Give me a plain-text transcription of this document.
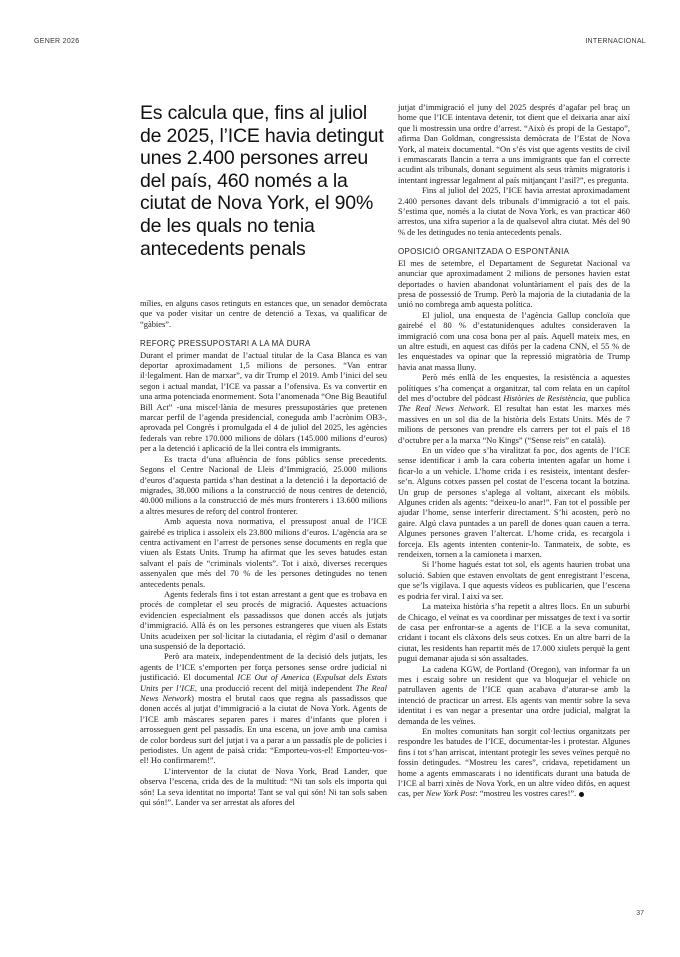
GENER 2026	INTERNACIONAL
Es calcula que, fins al juliol de 2025, l’ICE havia detingut unes 2.400 persones arreu del país, 460 només a la ciutat de Nova York, el 90% de les quals no tenia antecedents penals

mílies, en alguns casos retinguts en estances que, un senador demòcrata que va poder visitar un centre de detenció a Texas, va qualificar de “gàbies”.

REFORÇ PRESSUPOSTARI A LA MÀ DURA

Durant el primer mandat de l’actual titular de la Casa Blanca es van deportar aproximadament 1,5 milions de persones. “Van entrar il·legalment. Han de marxar”, va dir Trump el 2019. Amb l’inici del seu segon i actual mandat, l’ICE va passar a l’ofensiva. Es va convertir en una arma potenciada enormement. Sota l’anomenada “One Big Beautiful Bill Act” -una miscel·lània de mesures pressupostàries que pretenen marcar perfil de l’agenda presidencial, coneguda amb l’acrònim OB3-, aprovada pel Congrés i promulgada el 4 de juliol del 2025, les agències federals van rebre 170.000 milions de dòlars (145.000 milions d’euros) per a la detenció i aplicació de la llei contra els immigrants.

Es tracta d’una afluència de fons públics sense precedents. Segons el Centre Nacional de Lleis d’Immigració, 25.000 milions d’euros d’aquesta partida s’han destinat a la detenció i la deportació de migrades, 38.000 milions a la construcció de nous centres de detenció, 40.000 milions a la construcció de més murs fronterers i 13.600 milions a altres mesures de reforç del control fronterer.

Amb aquesta nova normativa, el pressupost anual de l’ICE gairebé es triplica i assoleix els 23.800 milions d’euros. L’agència ara se centra activament en l’arrest de persones sense documents en regla que viuen als Estats Units. Trump ha afirmat que les seves batudes estan salvant el país de “criminals violents”. Tot i això, diverses recerques assenyalen que més del 70 % de les persones detingudes no tenen antecedents penals.

Agents federals fins i tot estan arrestant a gent que es trobava en procés de completar el seu procés de migració. Aquestes actuacions evidencien especialment els passadissos que donen accés als jutjats d’immigració. Allà és on les persones estrangeres que viuen als Estats Units acudeixen per sol·licitar la ciutadania, el règim d’asil o demanar una suspensió de la deportació.

Però ara mateix, independentment de la decisió dels jutjats, les agents de l’ICE s’emporten per força persones sense ordre judicial ni justificació. El documental ICE Out of America (Expulsat dels Estats Units per l’ICE, una producció recent del mitjà independent The Real News Network) mostra el brutal caos que regna als passadissos que donen accés al jutjat d’immigració a la ciutat de Nova York. Agents de l’ICE amb màscares separen pares i mares d’infants que ploren i arrosseguen gent pel passadís. En una escena, un jove amb una camisa de color bordeus surt del jutjat i va a parar a un passadís ple de policies i periodistes. Un agent de paisà crida: “Emporteu-vos-el! Emporteu-vos-el! Ho confirmarem!”.

L’interventor de la ciutat de Nova York, Brad Lander, que observa l’escena, crida des de la multitud: “Ni tan sols els importa qui són! La seva identitat no importa! Tant se val qui són! Ni tan sols saben qui són!”. Lander va ser arrestat als afores del

jutjat d’immigració el juny del 2025 després d’agafar pel braç un home que l’ICE intentava detenir, tot dient que el deixaria anar així que li mostressin una ordre d’arrest. “Això és propi de la Gestapo”, afirma Dan Goldman, congressista demòcrata de l’Estat de Nova York, al mateix documental. “On s’és vist que agents vestits de civil i emmascarats llancin a terra a uns immigrants que fan el correcte acudint als tribunals, donant seguiment als seus tràmits migratoris i intentant ingressar legalment al país mitjançant l’asil?”, es pregunta.

Fins al juliol del 2025, l’ICE havia arrestat aproximadament 2.400 persones davant dels tribunals d’immigració a tot el país. S’estima que, només a la ciutat de Nova York, es van practicar 460 arrestos, una xifra superior a la de qualsevol altra ciutat. Més del 90 % de les detingudes no tenia antecedents penals.

OPOSICIÓ ORGANITZADA O ESPONTÀNIA

El mes de setembre, el Departament de Seguretat Nacional va anunciar que aproximadament 2 milions de persones havien estat deportades o havien abandonat voluntàriament el país des de la presa de possessió de Trump. Però la majoria de la ciutadania de la unió no combrega amb aquesta política.

El juliol, una enquesta de l’agència Gallup concloïa que gairebé el 80 % d’estatunidenques adultes consideraven la immigració com una cosa bona per al país. Aquell mateix mes, en un altre estudi, en aquest cas difós per la cadena CNN, el 55 % de les enquestades va opinar que la repressió migratòria de Trump havia anat massa lluny.

Però més enllà de les enquestes, la resistència a aquestes polítiques s’ha començat a organitzar, tal com relata en un capítol del mes d’octubre del pòdcast Històries de Resistència, que publica The Real News Network. El resultat han estat les marxes més massives en un sol dia de la història dels Estats Units. Més de 7 milions de persones van prendre els carrers per tot el país el 18 d’octubre per a la marxa “No Kings” (“Sense reis” en català).

En un vídeo que s’ha viralitzat fa poc, dos agents de l’ICE sense identificar i amb la cara coberta intenten agafar un home i ficar-lo a un vehicle. L’home crida i es resisteix, intentant desfer-se’n. Alguns cotxes passen pel costat de l’escena tocant la botzina. Un grup de persones s’aplega al voltant, aixecant els mòbils. Algunes criden als agents: “deixeu-lo anar!”. Fan tot el possible per ajudar l’home, sense interferir directament. S’hi acosten, però no gaire. Algú clava puntades a un parell de dones quan cauen a terra. Algunes persones graven l’altercat. L’home crida, es recargola i forceja. Els agents intenten contenir-lo. Tanmateix, de sobte, es rendeixen, tornen a la camioneta i marxen.

Si l’home hagués estat tot sol, els agents haurien trobat una solució. Sabien que estaven envoltats de gent enregistrant l’escena, que se’ls vigilava. I que aquests vídeos es publicarien, que l’escena es podria fer viral. I així va ser.

La mateixa història s’ha repetit a altres llocs. En un suburbi de Chicago, el veïnat es va coordinar per missatges de text i va sortir de casa per enfrontar-se a agents de l’ICE a la seva comunitat, cridant i tocant els clàxons dels seus cotxes. En un altre barri de la ciutat, les residents han repartit més de 17.000 xiulets perquè la gent pugui demanar ajuda si són assaltades.

La cadena KGW, de Portland (Oregon), van informar fa un mes i escaig sobre un resident que va bloquejar el vehicle on patrullaven agents de l’ICE quan acabava d’aturar-se amb la intenció de practicar un arrest. Els agents van mentir sobre la seva identitat i es van negar a presentar una ordre judicial, malgrat la demanda de les veïnes.

En moltes comunitats han sorgit col·lectius organitzats per respondre les batudes de l’ICE, documentar-les i protestar. Algunes fins i tot s’han arriscat, intentant protegir les seves veïnes perquè no fossin detingudes. “Mostreu les cares”, cridava, repetidament un home a agents emmascarats i no identificats durant una batuda de l’ICE al barri xinès de Nova York, en un altre vídeo difós, en aquest cas, per New York Post: “mostreu les vostres cares!”.

37
